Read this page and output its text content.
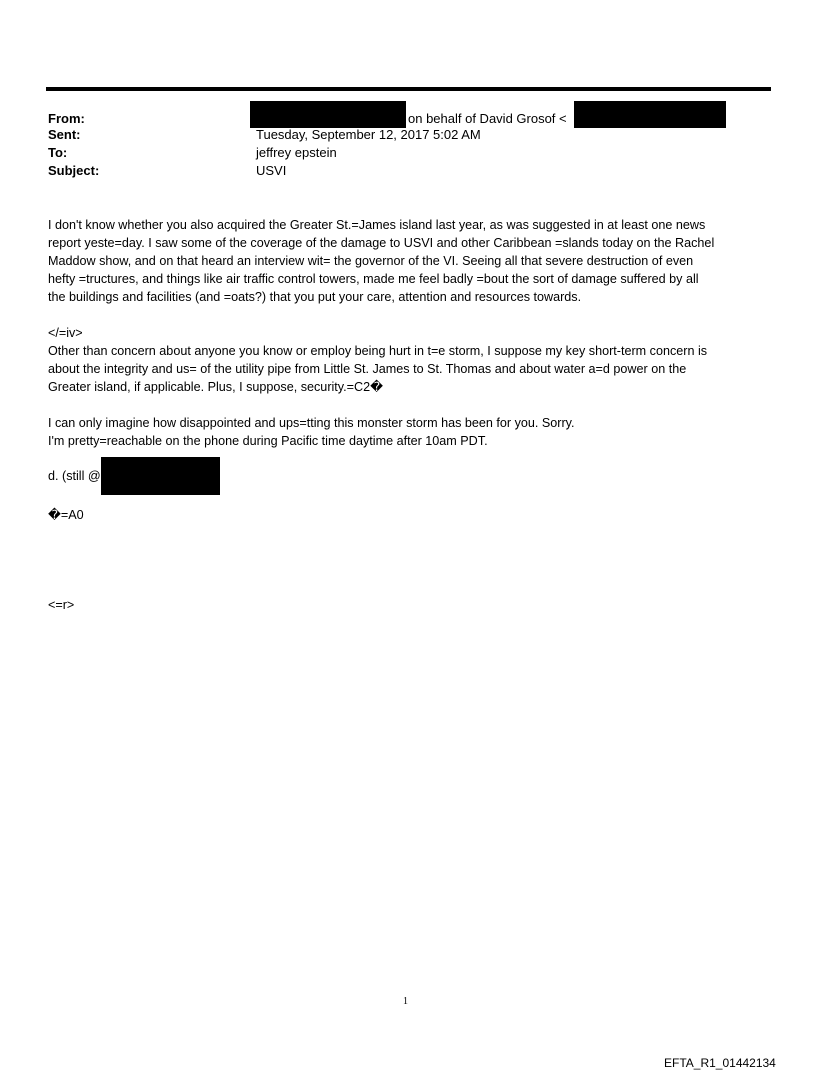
From:
Sent:
To:
Subject:
on behalf of David Grosof <
Tuesday, September 12, 2017 5:02 AM
jeffrey epstein
USVI
I don't know whether you also acquired the Greater St.=James island last year, as was suggested in at least one news
report yeste=day. I saw some of the coverage of the damage to USVI and other Caribbean =slands today on the Rachel
Maddow show, and on that heard an interview wit= the governor of the VI. Seeing all that severe destruction of even
hefty =tructures, and things like air traffic control towers, made me feel badly =bout the sort of damage suffered by all
the buildings and facilities (and =oats?) that you put your care, attention and resources towards.
</=iv>
Other than concern about anyone you know or employ being hurt in t=e storm, I suppose my key short-term concern is
about the integrity and us= of the utility pipe from Little St. James to St. Thomas and about water a=d power on the
Greater island, if applicable. Plus, I suppose, security.=C2�
I can only imagine how disappointed and ups=tting this monster storm has been for you. Sorry.
I'm pretty=reachable on the phone during Pacific time daytime after 10am PDT.
d. (still @
�=A0
<=r>
1
EFTA_R1_01442134
